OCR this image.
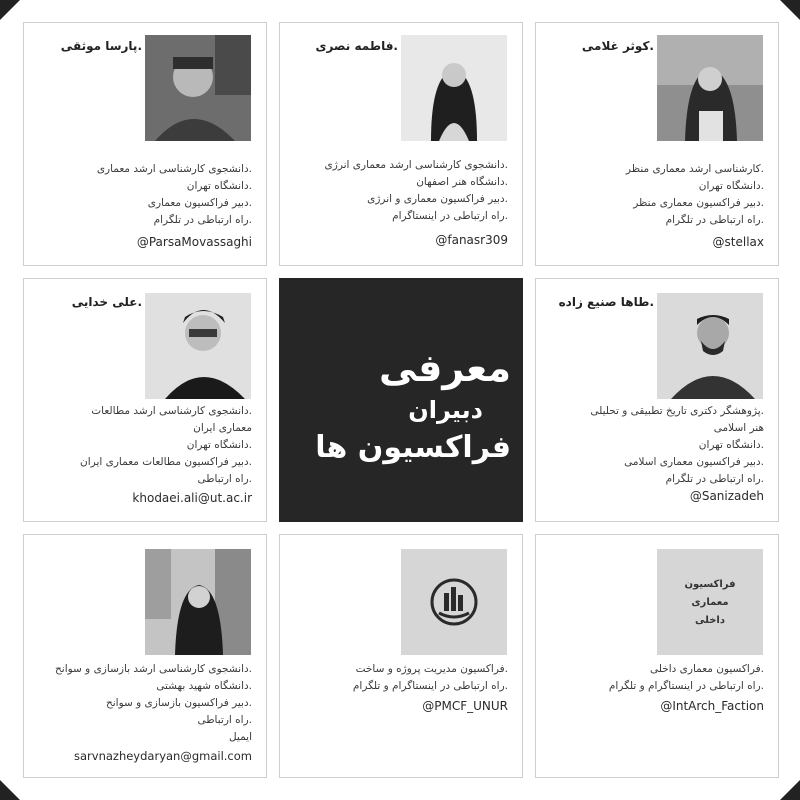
.پارسا موثقی
.دانشجوی کارشناسی ارشد معماری
.دانشگاه تهران
.دبیر فراکسیون معماری
.راه ارتباطی در تلگرام
@ParsaMovassaghi
.فاطمه نصری
.دانشجوی کارشناسی ارشد معماری انرژی
.دانشگاه هنر اصفهان
.دبیر فراکسیون معماری و انرژی
.راه ارتباطی در اینستاگرام
@fanasr309
.کوثر غلامی
.کارشناسی ارشد معماری منظر
.دانشگاه تهران
.دبیر فراکسیون معماری منظر
.راه ارتباطی در تلگرام
@stellax
.علی خدایی
.دانشجوی کارشناسی ارشد مطالعات
معماری ایران
.دانشگاه تهران
.دبیر فراکسیون مطالعات معماری ایران
.راه ارتباطی
khodaei.ali@ut.ac.ir
معرفی
دبیران
فراکسیون ها
.طاها صنیع زاده
.پژوهشگر دکتری تاریخ تطبیقی و تحلیلی
هنر اسلامی
.دانشگاه تهران
.دبیر فراکسیون معماری اسلامی
.راه ارتباطی در تلگرام
@Sanizadeh
.دانشجوی کارشناسی ارشد بازسازی و سوانح
.دانشگاه شهید بهشتی
.دبیر فراکسیون بازسازی و سوانح
.راه ارتباطی
ایمیل
sarvnazheydaryan@gmail.com
.فراکسیون مدیریت پروژه و ساخت
.راه ارتباطی در اینستاگرام و تلگرام
@PMCF_UNUR
فراکسیون
معماری
داخلی
.فراکسیون معماری داخلی
.راه ارتباطی در اینستاگرام و تلگرام
@IntArch_Faction
